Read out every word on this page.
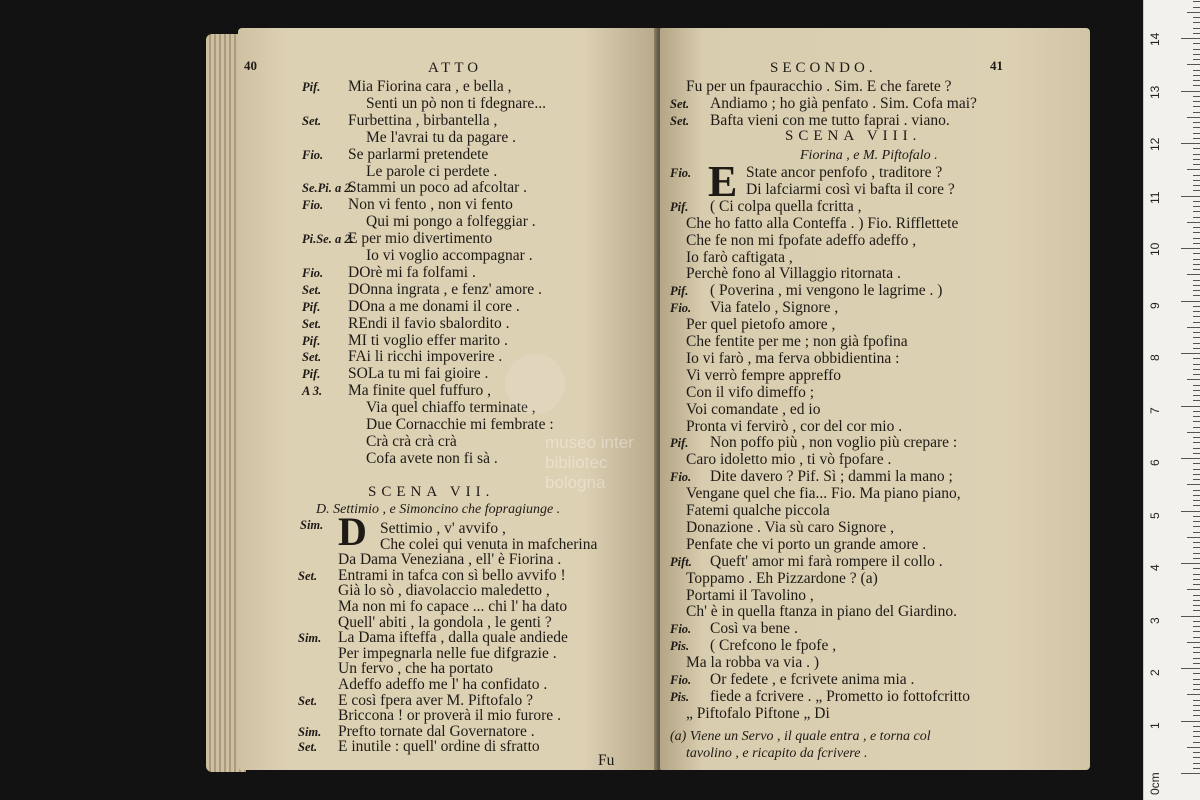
40	ATTO
Pif. Mia Fiorina cara , e bella ,
Senti un pò non ti fdegnare...
Set. Furbettina , birbantella ,
Me l'avrai tu da pagare .
Fio. Se parlarmi pretendete
Le parole ci perdete .
Se.Pi. a 2.
Stammi un poco ad afcoltar .
Fio. Non vi fento , non vi fento
Qui mi pongo a folfeggiar .
Pi.Se. a 2.
E per mio divertimento
Io vi voglio accompagnar .
Fio. DOrè mi fa folfami .
Set. DOnna ingrata , e fenz' amore .
Pif. DOna a me donami il core .
Set. REndi il favio sbalordito .
Pif. MI ti voglio effer marito .
Set. FAi li ricchi impoverire .
Pif. SOLa tu mi fai gioire .
A 3. Ma finite quel fuffuro ,
Via quel chiaffo terminate ,
Due Cornacchie mi fembrate :
Crà crà crà crà
Cofa avete non fi sà .
SCENA VII.
D. Settimio , e Simoncino che fopragiunge .
Sim. D Settimio , v' avvifo ,
Che colei qui venuta in mafcherina
Da Dama Veneziana , ell' è Fiorina .
Set. Entrami in tafca con sì bello avvifo !
Già lo sò , diavolaccio maledetto ,
Ma non mi fo capace ... chi l' ha dato
Quell' abiti , la gondola , le genti ?
Sim. La Dama ifteffa , dalla quale andiede
Per impegnarla nelle fue difgrazie .
Un fervo , che ha portato
Adeffo adeffo me l' ha confidato .
Set. E così fpera aver M. Piftofalo ?
Briccona ! or proverà il mio furore .
Sim. Prefto tornate dal Governatore .
Set. E inutile : quell' ordine di sfratto
Fu
SECONDO.	41
Fu per un fpauracchio . Sim. E che farete ?
Set. Andiamo ; ho già penfato . Sim. Cofa mai?
Set. Bafta vieni con me tutto faprai . viano.
SCENA VIII.
Fiorina , e M. Piftofalo .
E
Fio.	State ancor penfofo , traditore ?
Di lafciarmi così vi bafta il core ?
Pif. ( Ci colpa quella fcritta ,
Che ho fatto alla Conteffa . ) Fio. Rifflettete
Che fe non mi fpofate adeffo adeffo ,
Io farò caftigata ,
Perchè fono al Villaggio ritornata .
Pif. ( Poverina , mi vengono le lagrime . )
Fio. Via fatelo , Signore ,
Per quel pietofo amore ,
Che fentite per me ; non già fpofina
Io vi farò , ma ferva obbidientina :
Vi verrò fempre appreffo
Con il vifo dimeffo ;
Voi comandate , ed io
Pronta vi fervirò , cor del cor mio .
Pif. Non poffo più , non voglio più crepare :
Caro idoletto mio , ti vò fpofare .
Fio. Dite davero ? Pif. Sì ; dammi la mano ;
Vengane quel che fia... Fio. Ma piano piano,
Fatemi qualche piccola
Donazione . Via sù caro Signore ,
Penfate che vi porto un grande amore .
Pift. Queft' amor mi farà rompere il collo .
Toppamo . Eh Pizzardone ? (a)
Portami il Tavolino ,
Ch' è in quella ftanza in piano del Giardino.
Fio. Così va bene .
Pis. ( Crefcono le fpofe ,
Ma la robba va via . )
Fio. Or fedete , e fcrivete anima mia .
Pis. fiede a fcrivere . „ Prometto io fottofcritto
„ Piftofalo Piftone „ Di
(a) Viene un Servo , il quale entra , e torna col
tavolino , e ricapito da fcrivere .
museo inter
bibliotec
bologna
0cm
1
2
3
4
5
6
7
8
9
10
11
12
13
14
